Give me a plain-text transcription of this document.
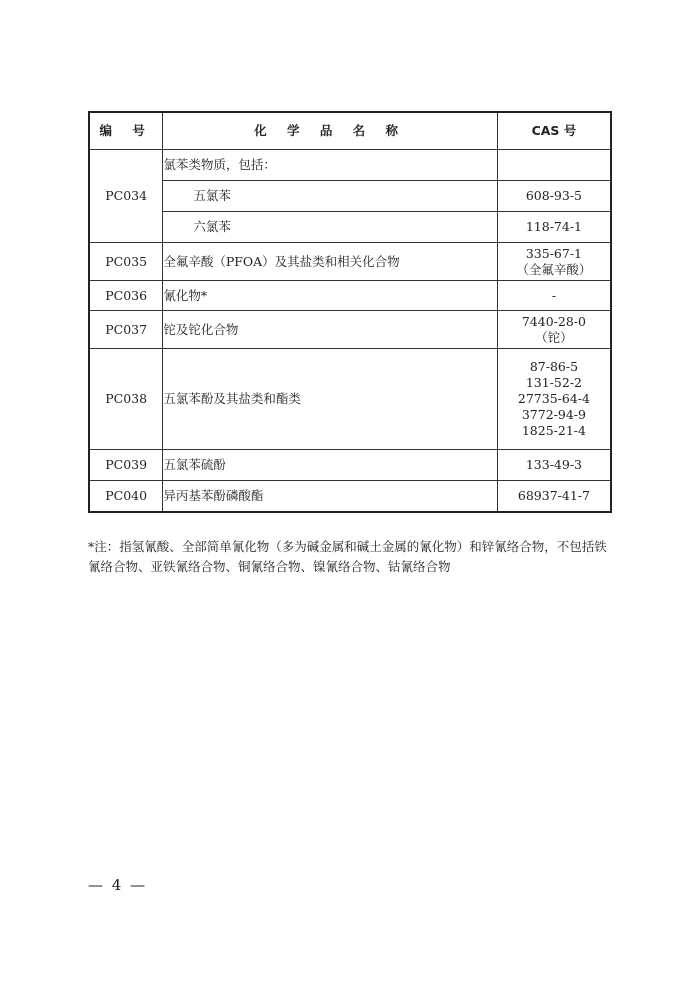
编 号	化 学 品 名 称	CAS 号
PC034	氯苯类物质，包括：	
	五氯苯	608-93-5
	六氯苯	118-74-1
PC035	全氟辛酸（PFOA）及其盐类和相关化合物	335-67-1
（全氟辛酸）

PC036	氰化物*	-
PC037	铊及铊化合物	7440-28-0
（铊）

PC038	五氯苯酚及其盐类和酯类	87-86-5
131-52-2
27735-64-4
3772-94-9
1825-21-4

PC039	五氯苯硫酚	133-49-3
PC040	异丙基苯酚磷酸酯	68937-41-7
*注：指氢氰酸、全部简单氰化物（多为碱金属和碱土金属的氰化物）和锌氰络合物，不包括铁氰络合物、亚铁氰络合物、铜氰络合物、镍氰络合物、钴氰络合物
— 4 —
